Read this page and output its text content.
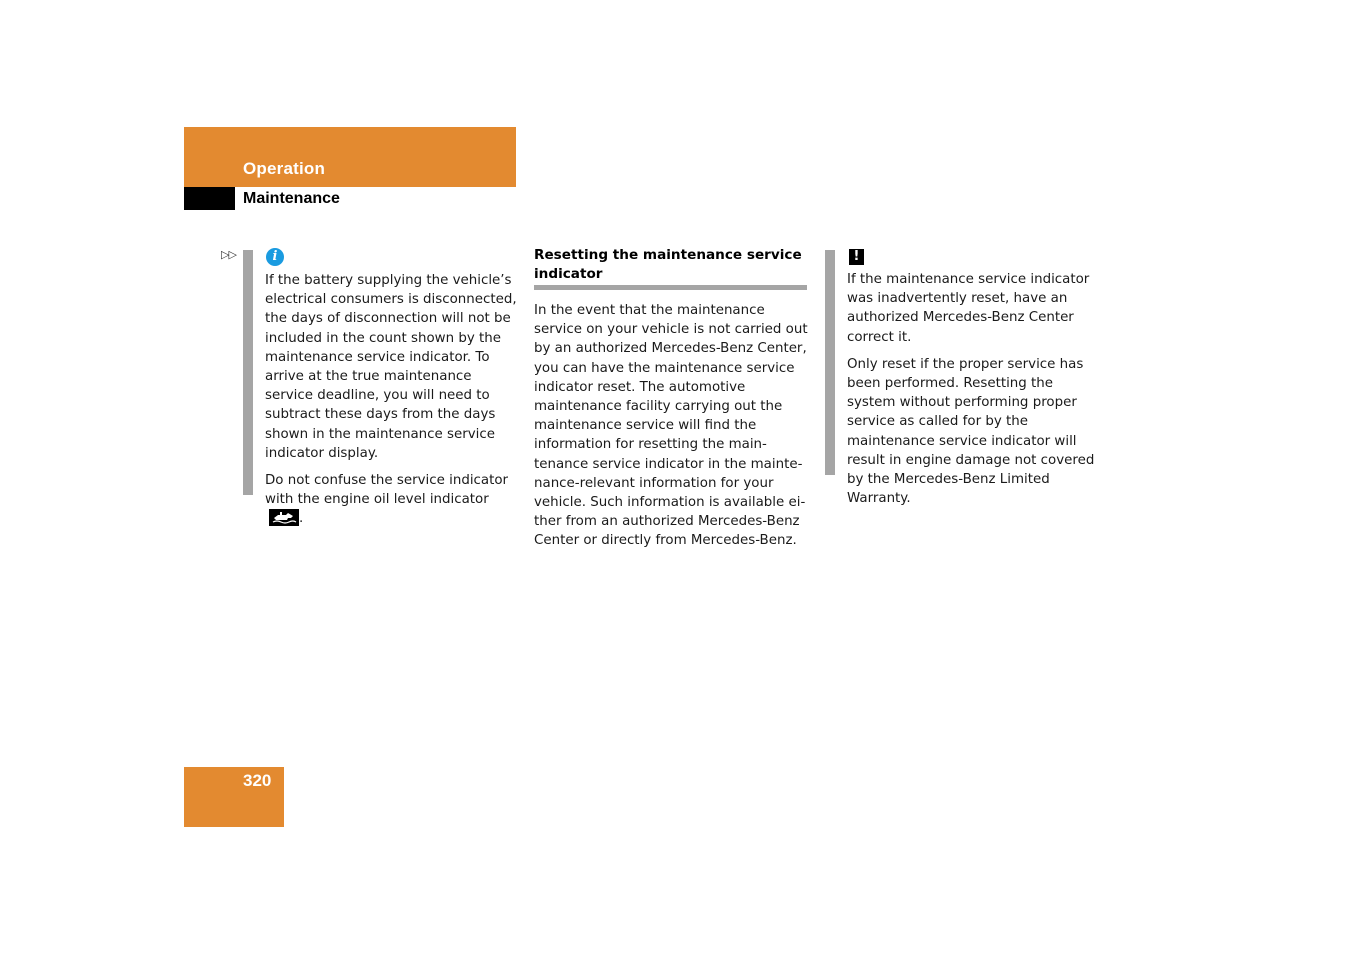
Operation
Maintenance
▷▷	i

If the battery supplying the vehicle’s electrical consumers is disconnected, the days of disconnection will not be included in the count shown by the maintenance service indicator. To arrive at the true maintenance service deadline, you will need to subtract these days from the days shown in the maintenance service indicator display.

Do not confuse the service indicator with the engine oil level indicator
.

Resetting the maintenance service indicator

In the event that the maintenance service on your vehicle is not carried out by an authorized Mercedes-Benz Center, you can have the maintenance service indicator reset. The automotive maintenance facility carrying out the maintenance service will find the information for resetting the maintenance service indicator in the maintenance-relevant information for your vehicle. Such information is available either from an authorized Mercedes-Benz Center or directly from Mercedes-Benz.

!

If the maintenance service indicator was inadvertently reset, have an authorized Mercedes-Benz Center correct it.

Only reset if the proper service has been performed. Resetting the system without performing proper service as called for by the maintenance service indicator will result in engine damage not covered by the Mercedes-Benz Limited Warranty.

320
